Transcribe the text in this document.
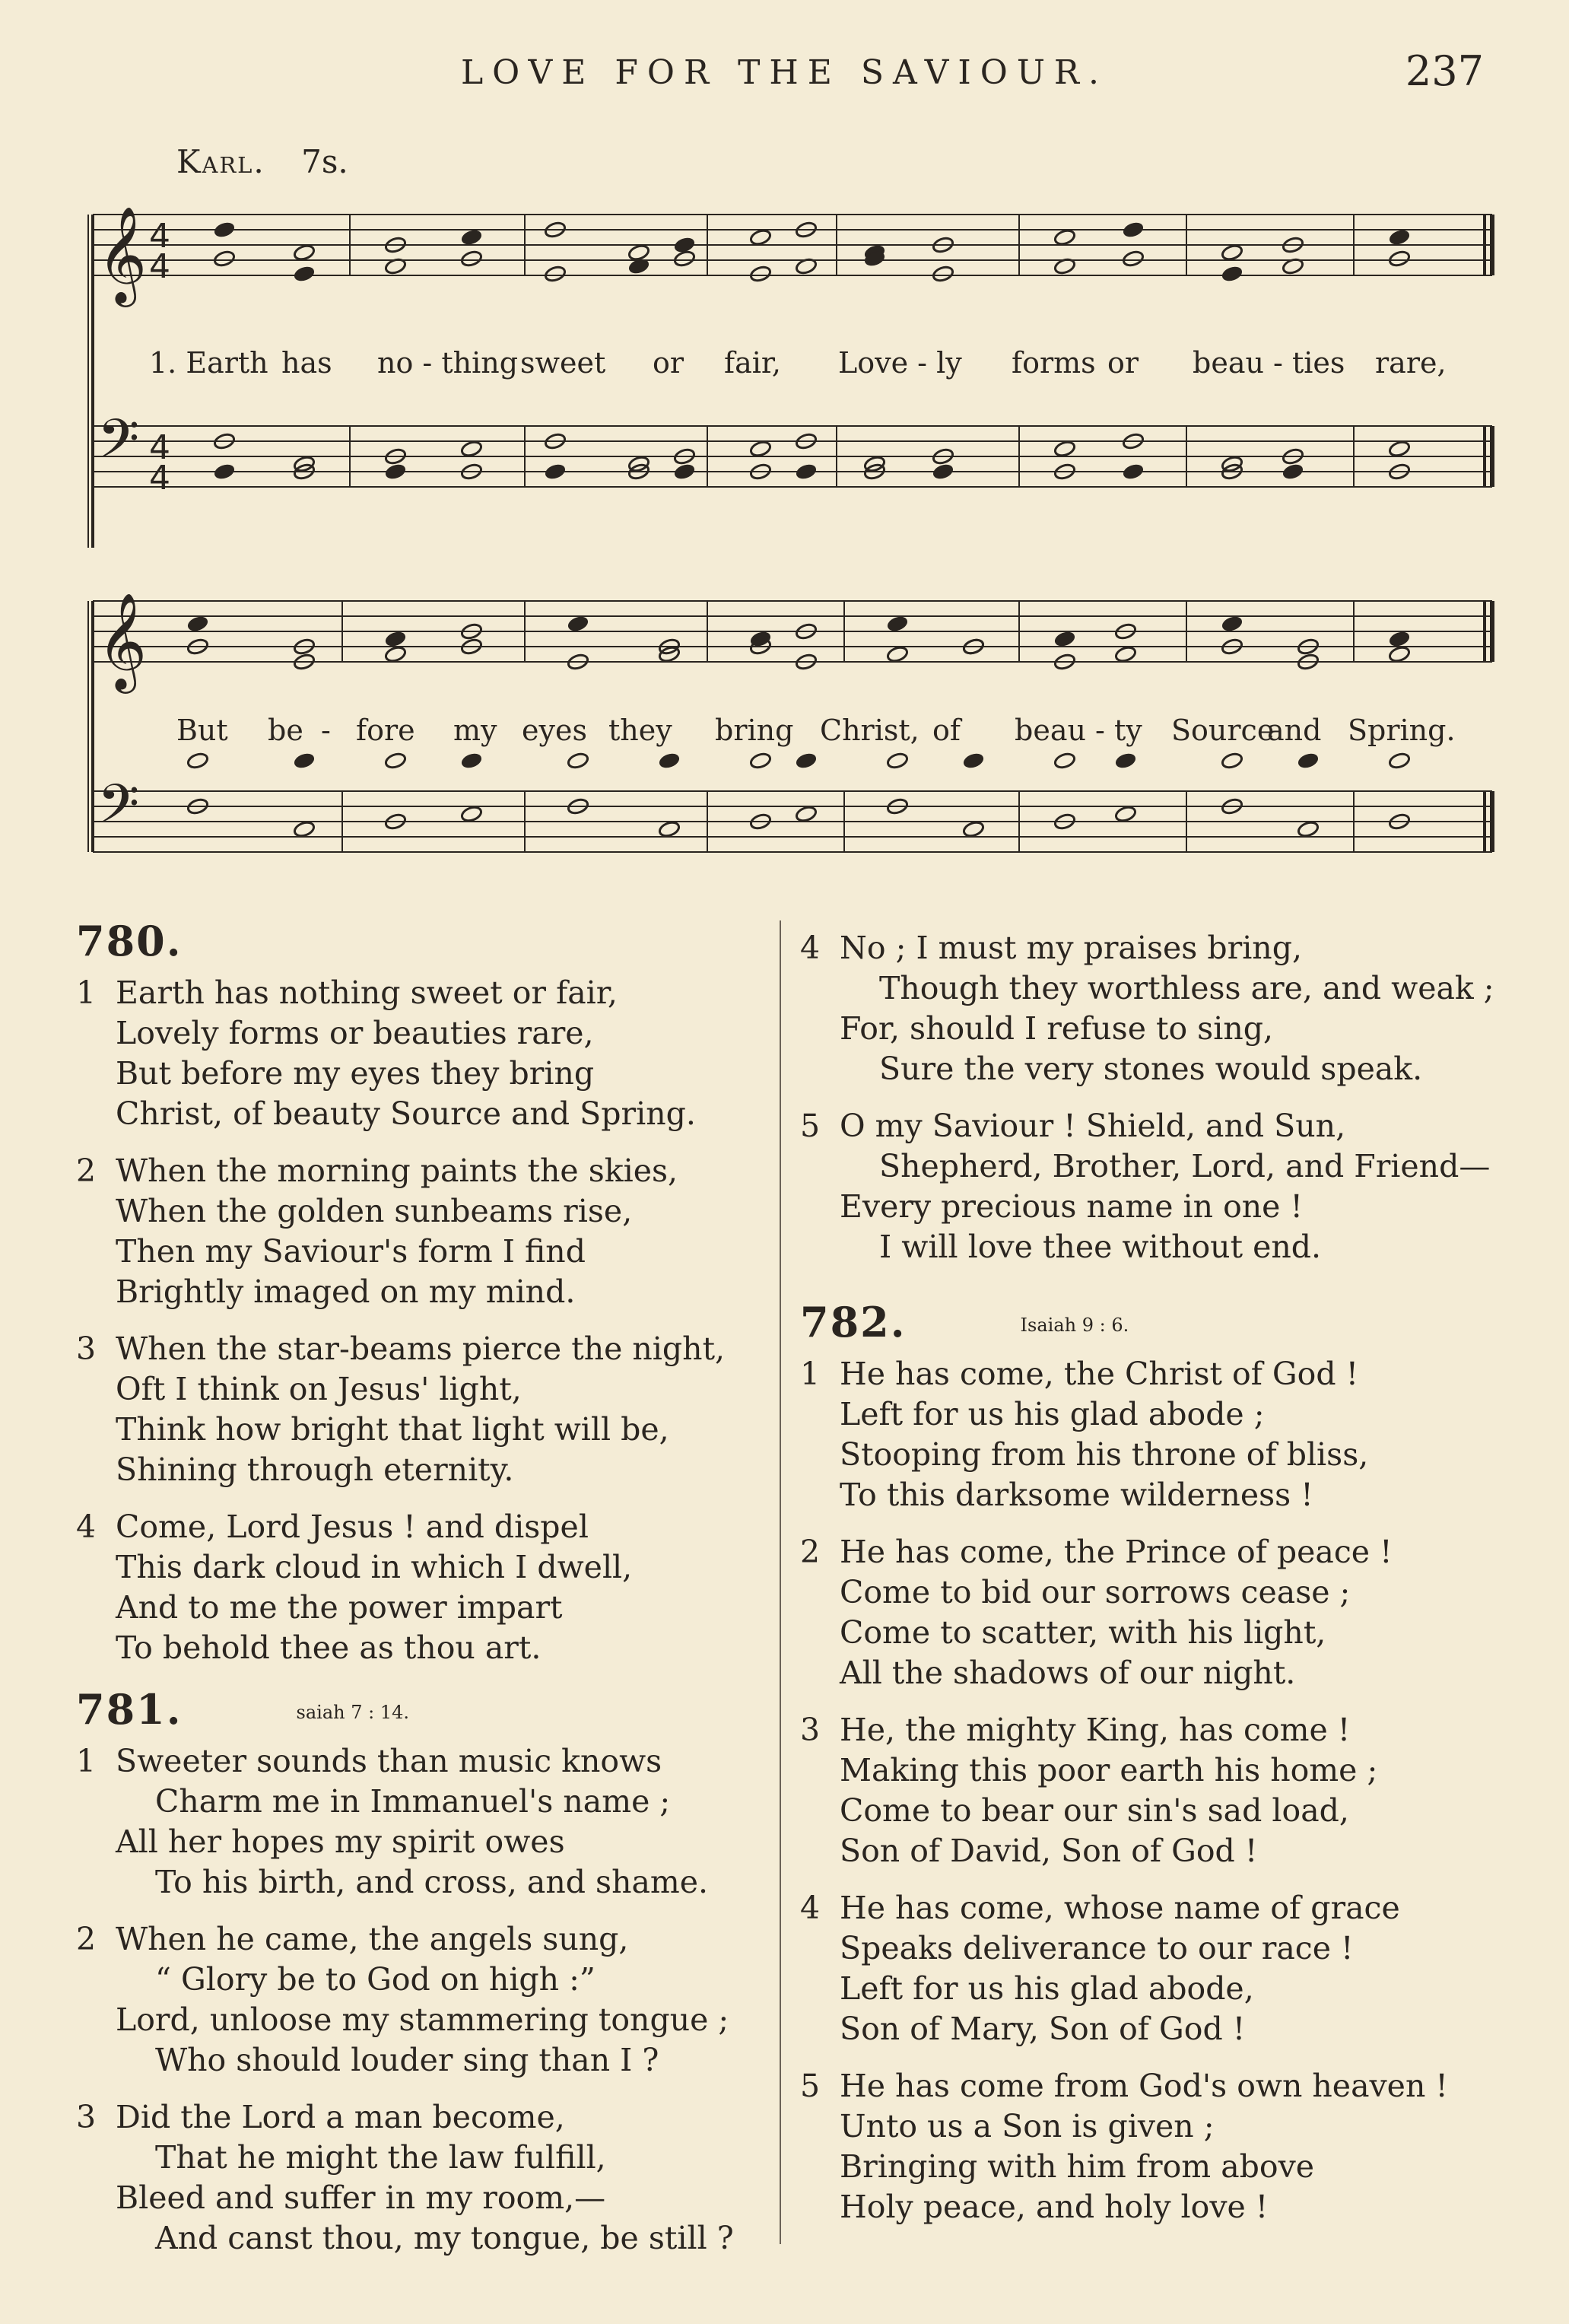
LOVE FOR THE SAVIOUR.	237
Karl. 7s.
𝄞
𝄢
𝄞
𝄢
4
4
4
4
1. Earth has no - thing sweet or fair, Love - ly forms or beau - ties rare,
But be - fore my eyes they bring Christ, of beau - ty Source
and Spring.
780.
1 Earth has nothing sweet or fair,
Lovely forms or beauties rare,
But before my eyes they bring
Christ, of beauty Source and Spring.
2 When the morning paints the skies,
When the golden sunbeams rise,
Then my Saviour's form I find
Brightly imaged on my mind.
3 When the star-beams pierce the night,
Oft I think on Jesus' light,
Think how bright that light will be,
Shining through eternity.
4 Come, Lord Jesus ! and dispel
This dark cloud in which I dwell,
And to me the power impart
To behold thee as thou art.
781.	saiah 7 : 14.
1 Sweeter sounds than music knows
Charm me in Immanuel's name ;
All her hopes my spirit owes
To his birth, and cross, and shame.
2 When he came, the angels sung,
“ Glory be to God on high :”
Lord, unloose my stammering tongue ;
Who should louder sing than I ?
3 Did the Lord a man become,
That he might the law fulfill,
Bleed and suffer in my room,—
And canst thou, my tongue, be still ?
4 No ; I must my praises bring,
Though they worthless are, and weak ;
For, should I refuse to sing,
Sure the very stones would speak.
5 O my Saviour ! Shield, and Sun,
Shepherd, Brother, Lord, and Friend—
Every precious name in one !
I will love thee without end.
782.	Isaiah 9 : 6.
1 He has come, the Christ of God !
Left for us his glad abode ;
Stooping from his throne of bliss,
To this darksome wilderness !
2 He has come, the Prince of peace !
Come to bid our sorrows cease ;
Come to scatter, with his light,
All the shadows of our night.
3 He, the mighty King, has come !
Making this poor earth his home ;
Come to bear our sin's sad load,
Son of David, Son of God !
4 He has come, whose name of grace
Speaks deliverance to our race !
Left for us his glad abode,
Son of Mary, Son of God !
5 He has come from God's own heaven !
Unto us a Son is given ;
Bringing with him from above
Holy peace, and holy love !
